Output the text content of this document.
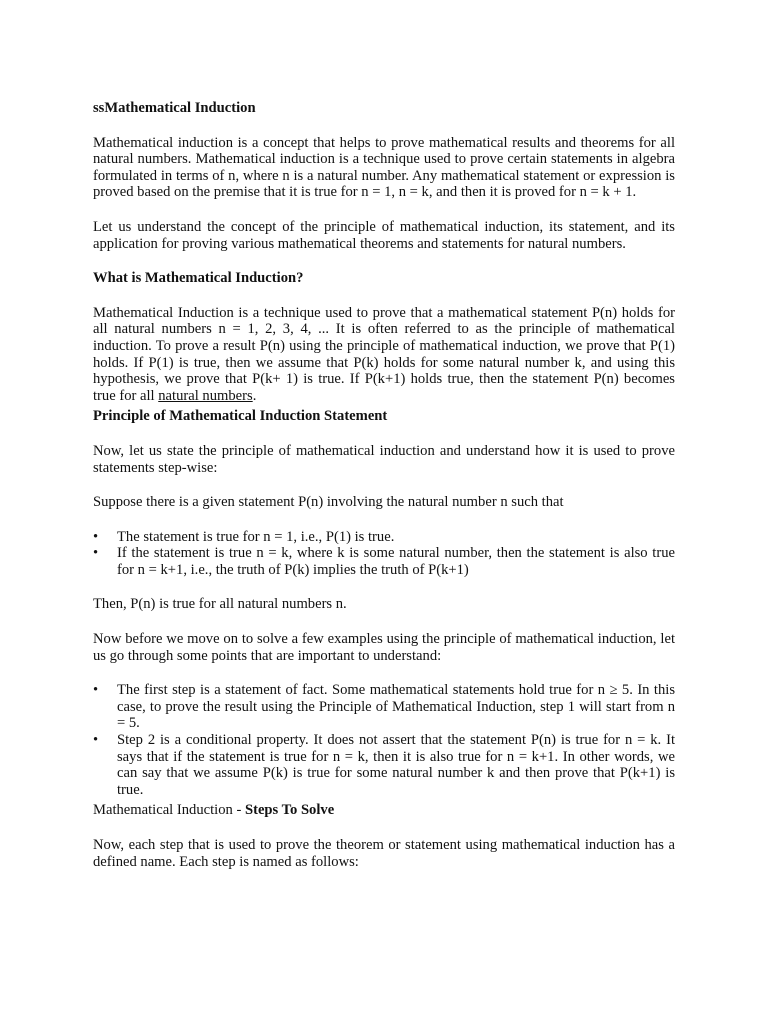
ssMathematical Induction

Mathematical induction is a concept that helps to prove mathematical results and theorems for all natural numbers. Mathematical induction is a technique used to prove certain statements in algebra formulated in terms of n, where n is a natural number. Any mathematical statement or expression is proved based on the premise that it is true for n = 1, n = k, and then it is proved for n = k + 1.

Let us understand the concept of the principle of mathematical induction, its statement, and its application for proving various mathematical theorems and statements for natural numbers.

What is Mathematical Induction?

Mathematical Induction is a technique used to prove that a mathematical statement P(n) holds for all natural numbers n = 1, 2, 3, 4, ... It is often referred to as the principle of mathematical induction. To prove a result P(n) using the principle of mathematical induction, we prove that P(1) holds. If P(1) is true, then we assume that P(k) holds for some natural number k, and using this hypothesis, we prove that P(k+ 1) is true. If P(k+1) holds true, then the statement P(n) becomes true for all natural numbers.

Principle of Mathematical Induction Statement

Now, let us state the principle of mathematical induction and understand how it is used to prove statements step-wise:

Suppose there is a given statement P(n) involving the natural number n such that

• The statement is true for n = 1, i.e., P(1) is true.
• If the statement is true n = k, where k is some natural number, then the statement is also true for n = k+1, i.e., the truth of P(k) implies the truth of P(k+1)

Then, P(n) is true for all natural numbers n.

Now before we move on to solve a few examples using the principle of mathematical induction, let us go through some points that are important to understand:

• The first step is a statement of fact. Some mathematical statements hold true for n ≥ 5. In this case, to prove the result using the Principle of Mathematical Induction, step 1 will start from n = 5.
• Step 2 is a conditional property. It does not assert that the statement P(n) is true for n = k. It says that if the statement is true for n = k, then it is also true for n = k+1. In other words, we can say that we assume P(k) is true for some natural number k and then prove that P(k+1) is true.

Mathematical Induction - Steps To Solve

Now, each step that is used to prove the theorem or statement using mathematical induction has a defined name. Each step is named as follows:
